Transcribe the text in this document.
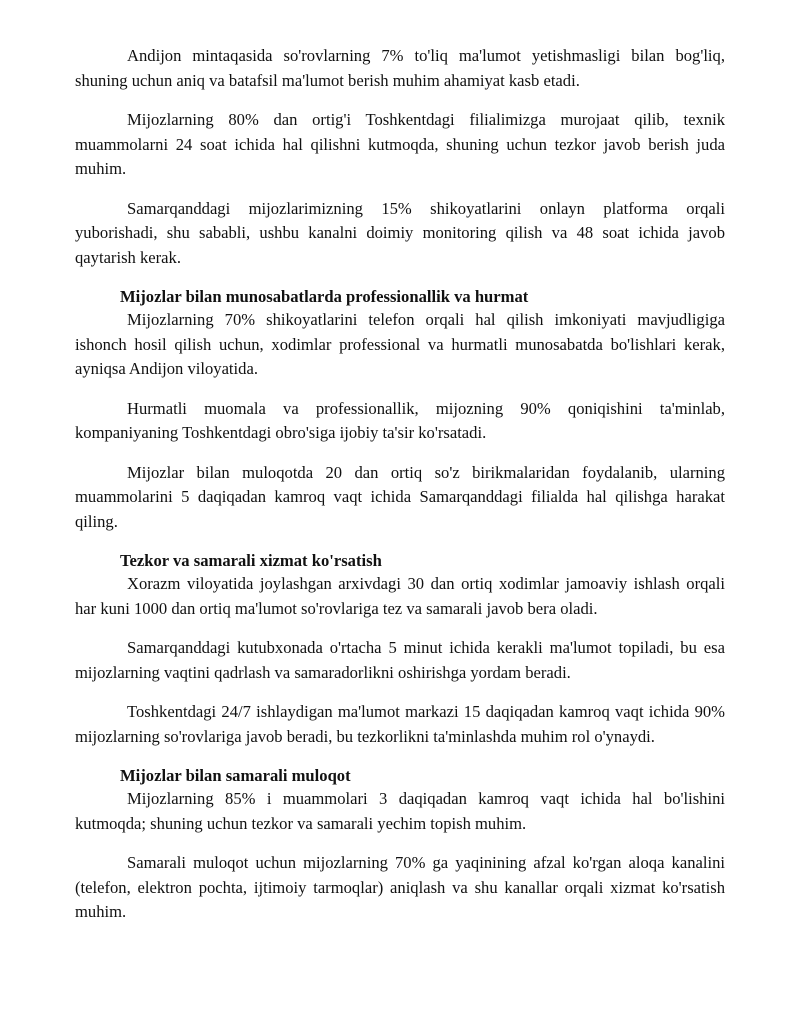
Andijon mintaqasida so'rovlarning 7% to'liq ma'lumot yetishmasligi bilan bog'liq, shuning uchun aniq va batafsil ma'lumot berish muhim ahamiyat kasb etadi.

Mijozlarning 80% dan ortig'i Toshkentdagi filialimizga murojaat qilib, texnik muammolarni 24 soat ichida hal qilishni kutmoqda, shuning uchun tezkor javob berish juda muhim.

Samarqanddagi mijozlarimizning 15% shikoyatlarini onlayn platforma orqali yuborishadi, shu sababli, ushbu kanalni doimiy monitoring qilish va 48 soat ichida javob qaytarish kerak.

Mijozlar bilan munosabatlarda professionallik va hurmat

Mijozlarning 70% shikoyatlarini telefon orqali hal qilish imkoniyati mavjudligiga ishonch hosil qilish uchun, xodimlar professional va hurmatli munosabatda bo'lishlari kerak, ayniqsa Andijon viloyatida.

Hurmatli muomala va professionallik, mijozning 90% qoniqishini ta'minlab, kompaniyaning Toshkentdagi obro'siga ijobiy ta'sir ko'rsatadi.

Mijozlar bilan muloqotda 20 dan ortiq so'z birikmalaridan foydalanib, ularning muammolarini 5 daqiqadan kamroq vaqt ichida Samarqanddagi filialda hal qilishga harakat qiling.

Tezkor va samarali xizmat ko'rsatish

Xorazm viloyatida joylashgan arxivdagi 30 dan ortiq xodimlar jamoaviy ishlash orqali har kuni 1000 dan ortiq ma'lumot so'rovlariga tez va samarali javob bera oladi.

Samarqanddagi kutubxonada o'rtacha 5 minut ichida kerakli ma'lumot topiladi, bu esa mijozlarning vaqtini qadrlash va samaradorlikni oshirishga yordam beradi.

Toshkentdagi 24/7 ishlaydigan ma'lumot markazi 15 daqiqadan kamroq vaqt ichida 90% mijozlarning so'rovlariga javob beradi, bu tezkorlikni ta'minlashda muhim rol o'ynaydi.

Mijozlar bilan samarali muloqot

Mijozlarning 85% i muammolari 3 daqiqadan kamroq vaqt ichida hal bo'lishini kutmoqda; shuning uchun tezkor va samarali yechim topish muhim.

Samarali muloqot uchun mijozlarning 70% ga yaqinining afzal ko'rgan aloqa kanalini (telefon, elektron pochta, ijtimoiy tarmoqlar) aniqlash va shu kanallar orqali xizmat ko'rsatish muhim.
